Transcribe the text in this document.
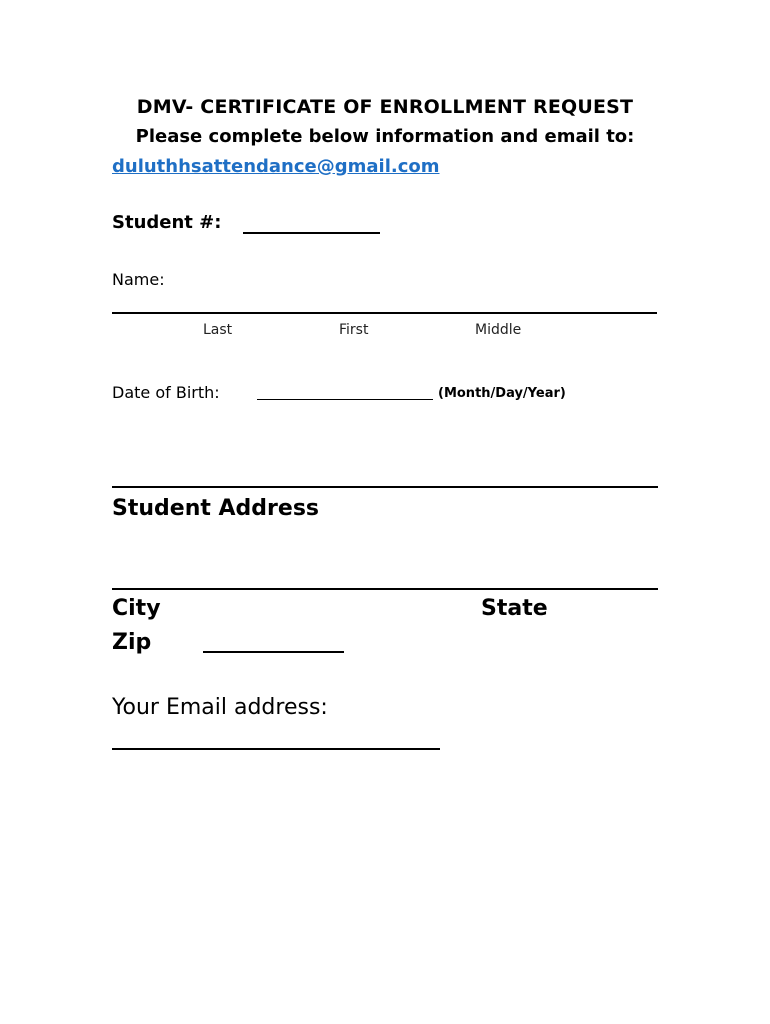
DMV- CERTIFICATE OF ENROLLMENT REQUEST
Please complete below information and email to:
duluthhsattendance@gmail.com
Student #:
Name:
Last	First	Middle
Date of Birth:	(Month/Day/Year)
Student Address
City	State
Zip
Your Email address:
